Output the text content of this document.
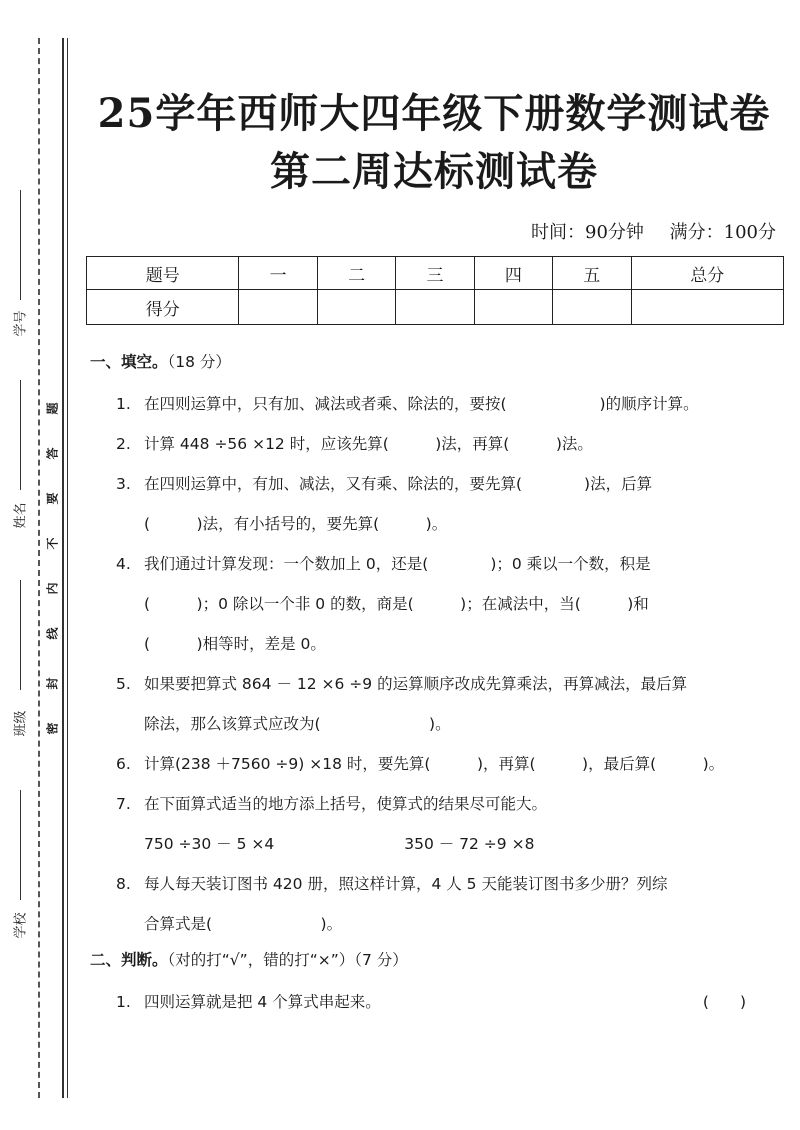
学号
姓名
班级
学校
题
答
要
不
内
线
封
密
25学年西师大四年级下册数学测试卷
第二周达标测试卷
时间：90分钟 满分：100分
题号	一	二	三	四	五	总分
得分						
一、填空。（18 分）
1. 在四则运算中，只有加、减法或者乘、除法的，要按(　　　　　　)的顺序计算。
2. 计算 448 ÷56 ×12 时，应该先算(　　　)法，再算(　　　)法。
3. 在四则运算中，有加、减法，又有乘、除法的，要先算(　　　　)法，后算
(　　　)法，有小括号的，要先算(　　　)。
4. 我们通过计算发现：一个数加上 0，还是(　　　　)；0 乘以一个数，积是
(　　　)；0 除以一个非 0 的数，商是(　　　)；在减法中，当(　　　)和
(　　　)相等时，差是 0。
5. 如果要把算式 864 － 12 ×6 ÷9 的运算顺序改成先算乘法，再算减法，最后算
除法，那么该算式应改为(　　　　　　　)。
6. 计算(238 ＋7560 ÷9) ×18 时，要先算(　　　)，再算(　　　)，最后算(　　　)。
7. 在下面算式适当的地方添上括号，使算式的结果尽可能大。
750 ÷30 － 5 ×4	350 － 72 ÷9 ×8
8. 每人每天装订图书 420 册，照这样计算，4 人 5 天能装订图书多少册？列综
合算式是(　　　　　　　)。
二、判断。（对的打“√”，错的打“×”）（7 分）
1. 四则运算就是把 4 个算式串起来。	(　　)
